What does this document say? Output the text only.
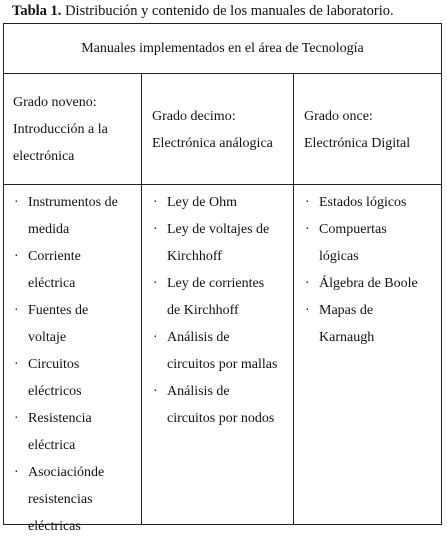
Tabla 1. Distribución y contenido de los manuales de laboratorio.
Manuales implementados en el área de Tecnología
Grado noveno:
Introducción a la
electrónica
Grado decimo:
Electrónica análogica
Grado once:
Electrónica Digital
· Instrumentos de
medida
· Corriente
eléctrica
· Fuentes de
voltaje
· Circuitos
eléctricos
· Resistencia
eléctrica
· Asociaciónde
resistencias
eléctricas
· Ley de Ohm
· Ley de voltajes de
Kirchhoff
· Ley de corrientes
de Kirchhoff
· Análisis de
circuitos por mallas
· Análisis de
circuitos por nodos
· Estados lógicos
· Compuertas
lógicas
· Álgebra de Boole
· Mapas de
Karnaugh
